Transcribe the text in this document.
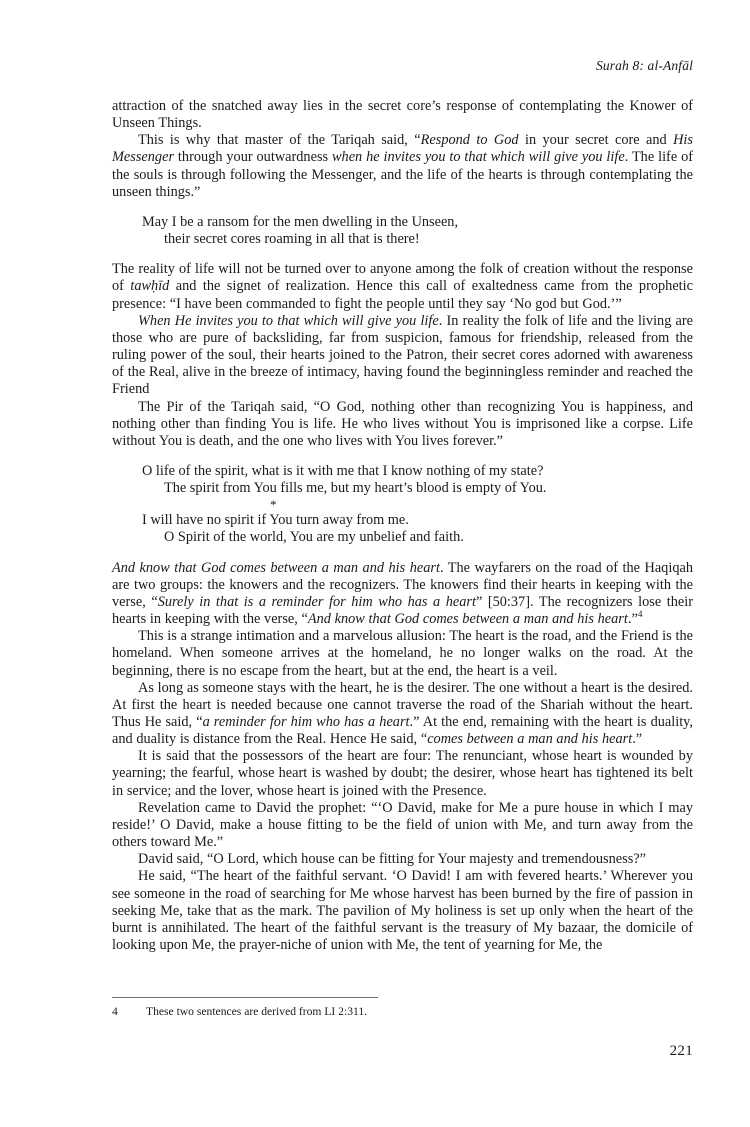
Surah 8: al-Anfāl

attraction of the snatched away lies in the secret core’s response of contemplating the Knower of Unseen Things.

This is why that master of the Tariqah said, “Respond to God in your secret core and His Messenger through your outwardness when he invites you to that which will give you life. The life of the souls is through following the Messenger, and the life of the hearts is through contemplating the unseen things.”

May I be a ransom for the men dwelling in the Unseen,
their secret cores roaming in all that is there!

The reality of life will not be turned over to anyone among the folk of creation without the response of tawḥīd and the signet of realization. Hence this call of exaltedness came from the prophetic presence: “I have been commanded to fight the people until they say ‘No god but God.’”

When He invites you to that which will give you life. In reality the folk of life and the living are those who are pure of backsliding, far from suspicion, famous for friendship, released from the ruling power of the soul, their hearts joined to the Patron, their secret cores adorned with awareness of the Real, alive in the breeze of intimacy, having found the beginningless reminder and reached the Friend

The Pir of the Tariqah said, “O God, nothing other than recognizing You is happiness, and nothing other than finding You is life. He who lives without You is imprisoned like a corpse. Life without You is death, and the one who lives with You lives forever.”

O life of the spirit, what is it with me that I know nothing of my state?
The spirit from You fills me, but my heart’s blood is empty of You.
*
I will have no spirit if You turn away from me.
O Spirit of the world, You are my unbelief and faith.

And know that God comes between a man and his heart. The wayfarers on the road of the Haqiqah are two groups: the knowers and the recognizers. The knowers find their hearts in keeping with the verse, “Surely in that is a reminder for him who has a heart” [50:37]. The recognizers lose their hearts in keeping with the verse, “And know that God comes between a man and his heart.”$^4$

This is a strange intimation and a marvelous allusion: The heart is the road, and the Friend is the homeland. When someone arrives at the homeland, he no longer walks on the road. At the beginning, there is no escape from the heart, but at the end, the heart is a veil.

As long as someone stays with the heart, he is the desirer. The one without a heart is the desired. At first the heart is needed because one cannot traverse the road of the Shariah without the heart. Thus He said, “a reminder for him who has a heart.” At the end, remaining with the heart is duality, and duality is distance from the Real. Hence He said, “comes between a man and his heart.”

It is said that the possessors of the heart are four: The renunciant, whose heart is wounded by yearning; the fearful, whose heart is washed by doubt; the desirer, whose heart has tightened its belt in service; and the lover, whose heart is joined with the Presence.

Revelation came to David the prophet: “‘O David, make for Me a pure house in which I may reside!’ O David, make a house fitting to be the field of union with Me, and turn away from the others toward Me.”

David said, “O Lord, which house can be fitting for Your majesty and tremendousness?”

He said, “The heart of the faithful servant. ‘O David! I am with fevered hearts.’ Wherever you see someone in the road of searching for Me whose harvest has been burned by the fire of passion in seeking Me, take that as the mark. The pavilion of My holiness is set up only when the heart of the burnt is annihilated. The heart of the faithful servant is the treasury of My bazaar, the domicile of looking upon Me, the prayer-niche of union with Me, the tent of yearning for Me, the

4	These two sentences are derived from LI 2:311.
221
